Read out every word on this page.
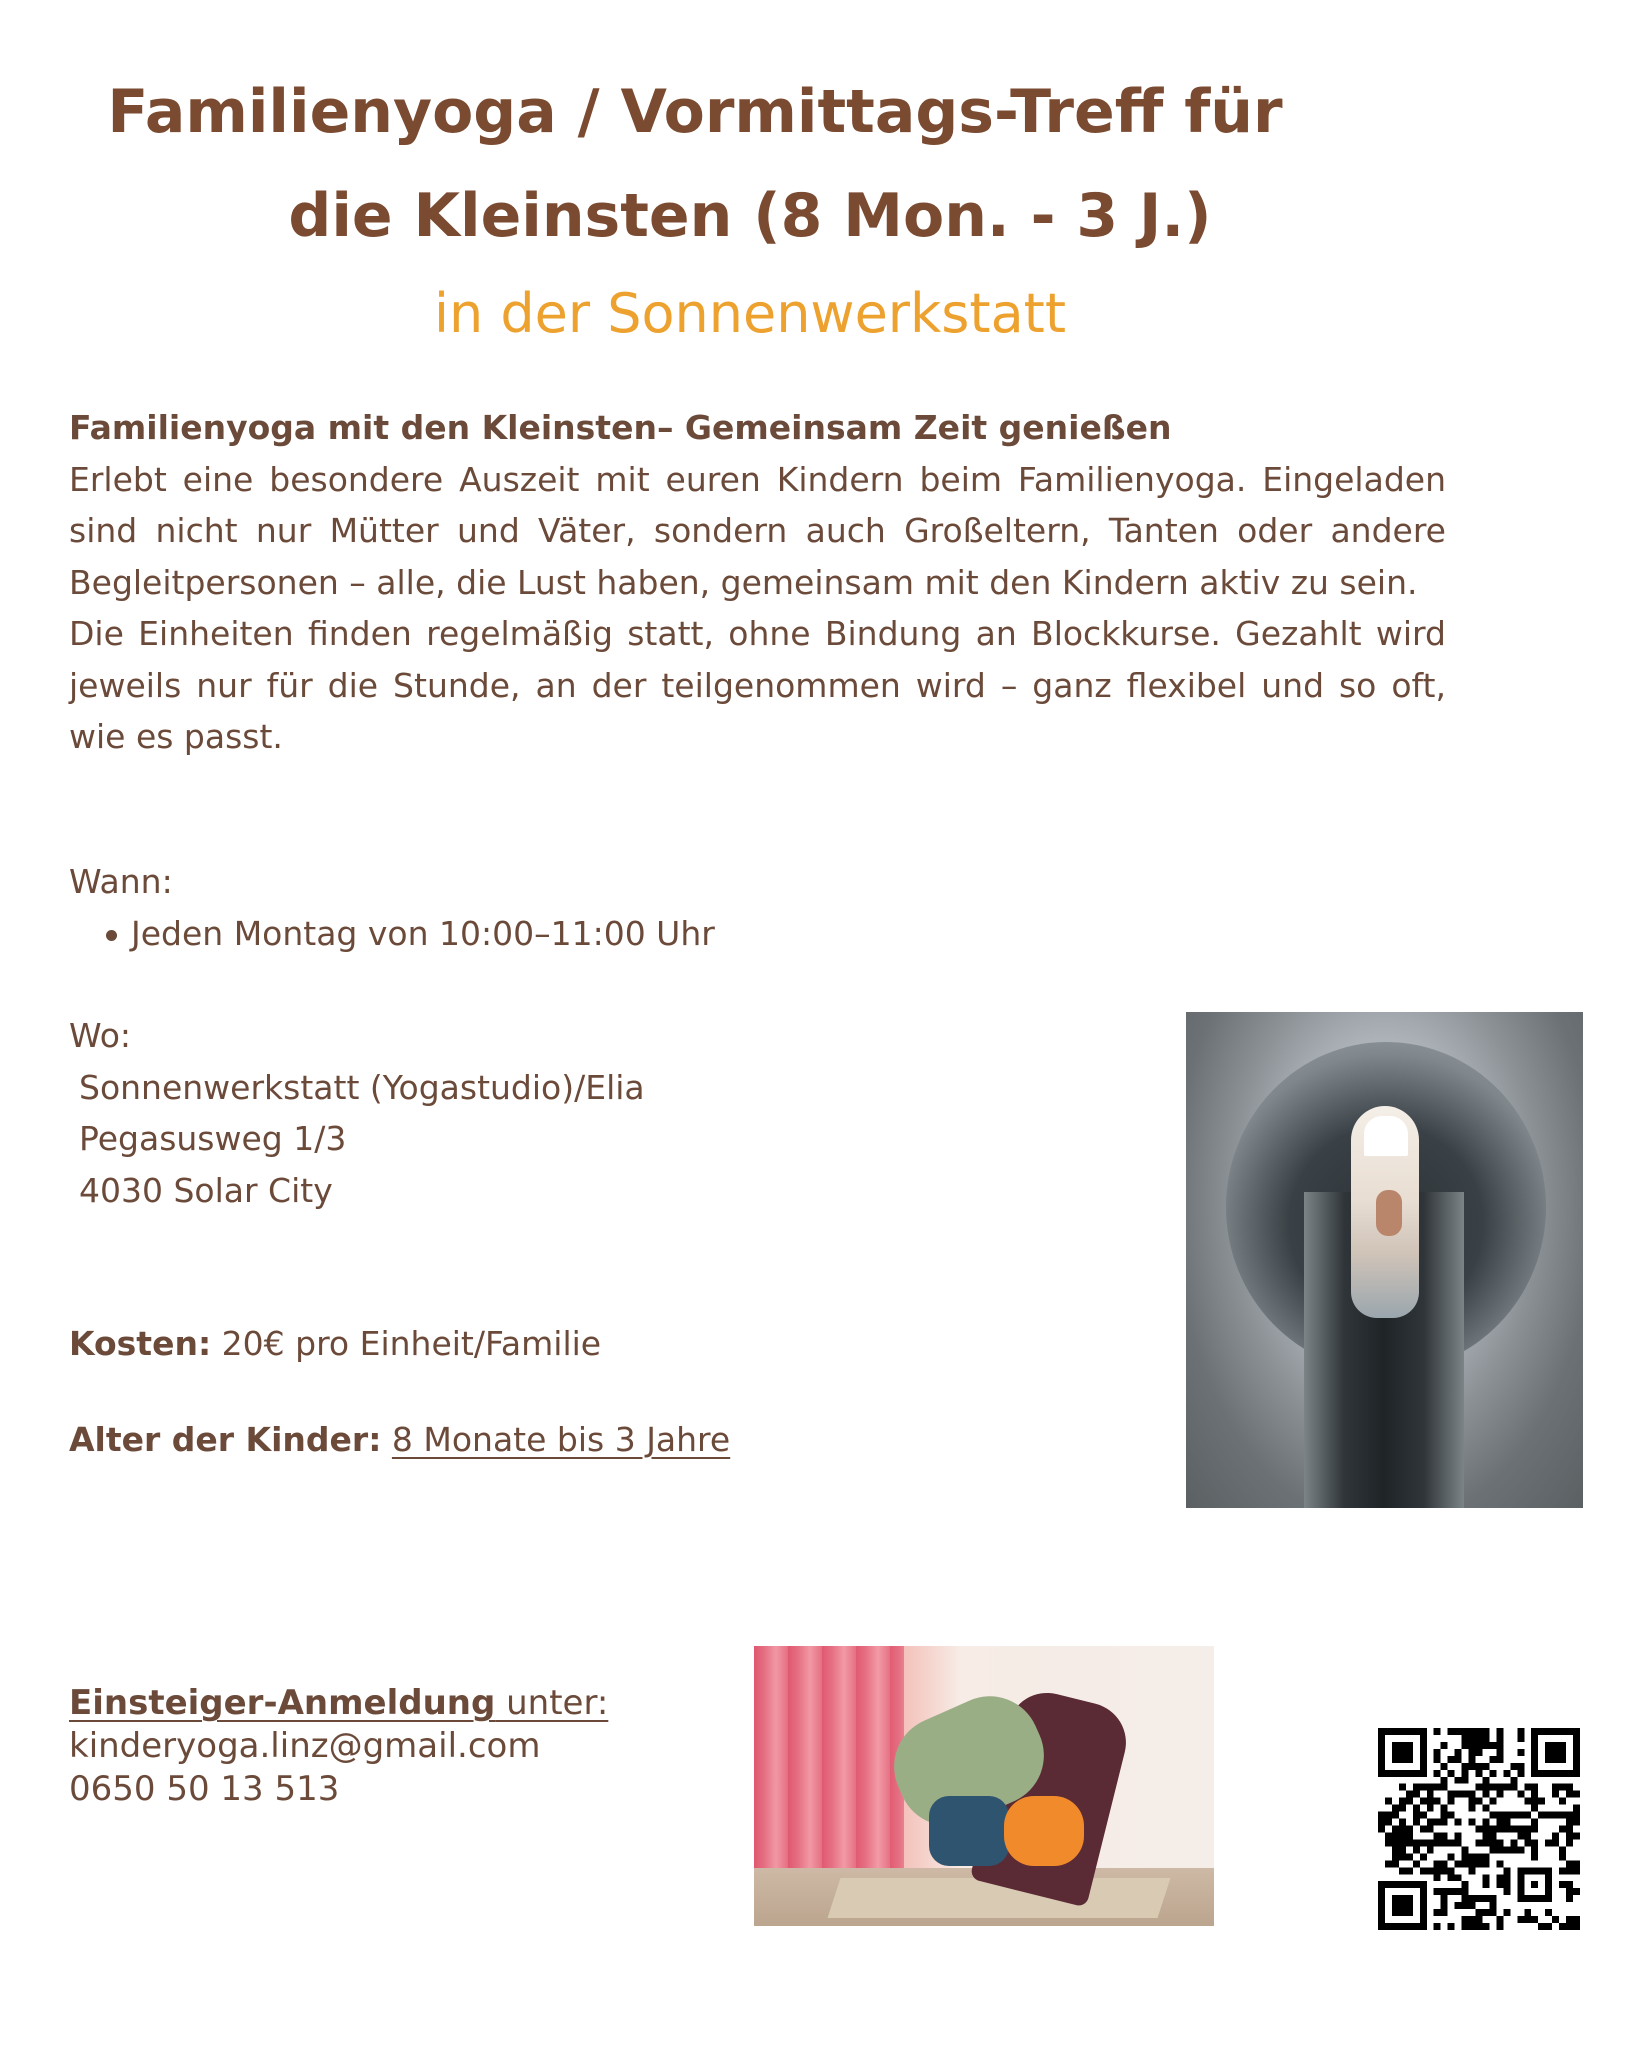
Familienyoga / Vormittags-Treff für
die Kleinsten (8 Mon. - 3 J.)
in der Sonnenwerkstatt
Familienyoga mit den Kleinsten– Gemeinsam Zeit genießen

Erlebt eine besondere Auszeit mit euren Kindern beim Familienyoga. Eingeladen sind nicht nur Mütter und Väter, sondern auch Großeltern, Tanten oder andere Begleitpersonen – alle, die Lust haben, gemeinsam mit den Kindern aktiv zu sein.

Die Einheiten finden regelmäßig statt, ohne Bindung an Blockkurse. Gezahlt wird jeweils nur für die Stunde, an der teilgenommen wird – ganz flexibel und so oft, wie es passt.

Wann:
Jeden Montag von 10:00–11:00 Uhr
Wo:
Sonnenwerkstatt (Yogastudio)/Elia
Pegasusweg 1/3
4030 Solar City
Kosten: 20€ pro Einheit/Familie
Alter der Kinder: 8 Monate bis 3 Jahre
Einsteiger-Anmeldung unter:
kinderyoga.linz@gmail.com
0650 50 13 513
